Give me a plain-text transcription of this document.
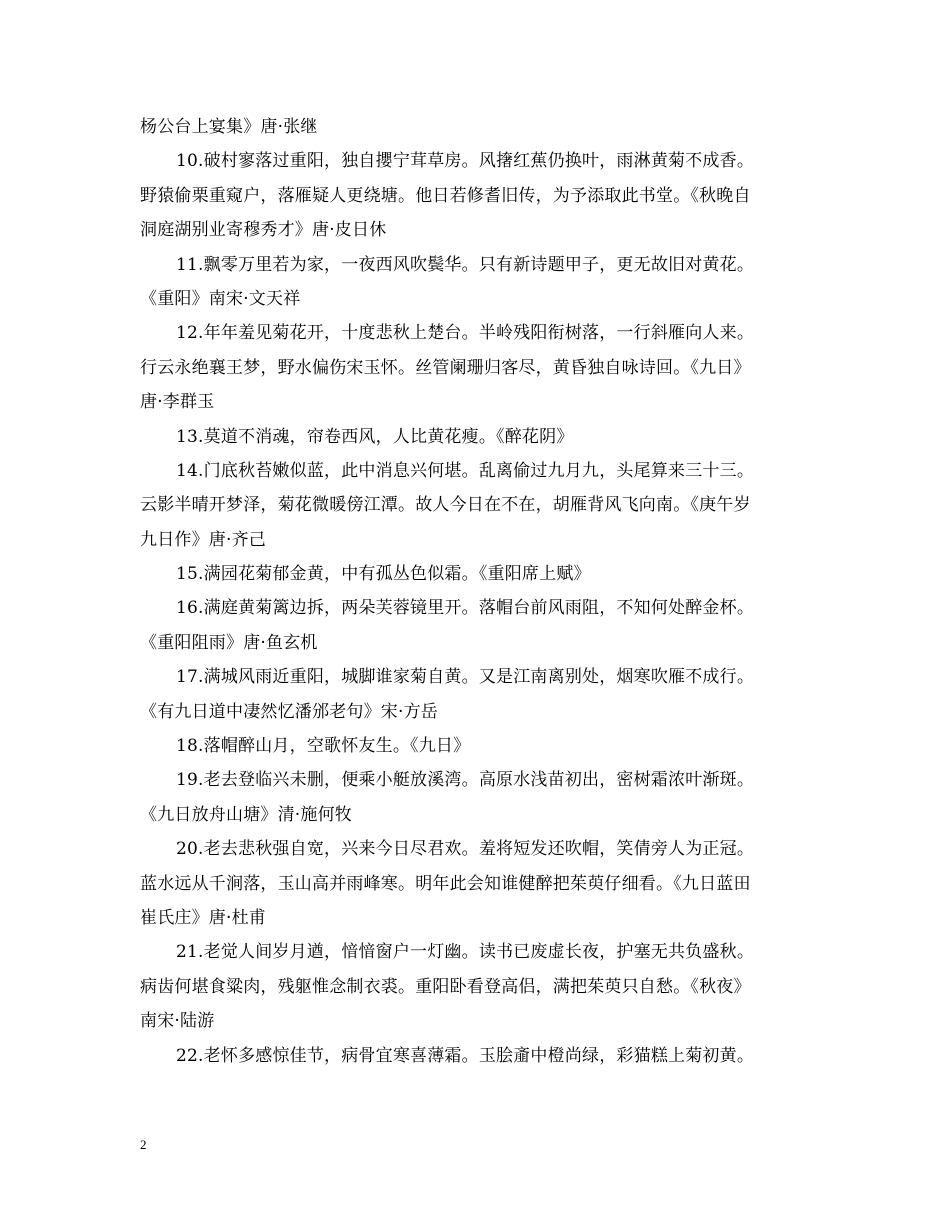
杨公台上宴集》唐·张继
10.破村寥落过重阳，独自攖宁茸草房。风撦红蕉仍换叶，雨淋黄菊不成香。
野猿偷栗重窥户，落雁疑人更绕塘。他日若修耆旧传，为予添取此书堂。《秋晚自
洞庭湖别业寄穆秀才》唐·皮日休
11.飘零万里若为家，一夜西风吹鬓华。只有新诗题甲子，更无故旧对黄花。
《重阳》南宋·文天祥
12.年年羞见菊花开，十度悲秋上楚台。半岭残阳衔树落，一行斜雁向人来。
行云永绝襄王梦，野水偏伤宋玉怀。丝管阑珊归客尽，黄昏独自咏诗回。《九日》
唐·李群玉
13.莫道不消魂，帘卷西风，人比黄花瘦。《醉花阴》
14.门底秋苔嫩似蓝，此中消息兴何堪。乱离偷过九月九，头尾算来三十三。
云影半晴开梦泽，菊花微暖傍江潭。故人今日在不在，胡雁背风飞向南。《庚午岁
九日作》唐·齐己
15.满园花菊郁金黄，中有孤丛色似霜。《重阳席上赋》
16.满庭黄菊篱边拆，两朵芙蓉镜里开。落帽台前风雨阻，不知何处醉金杯。
《重阳阻雨》唐·鱼玄机
17.满城风雨近重阳，城脚谁家菊自黄。又是江南离别处，烟寒吹雁不成行。
《有九日道中凄然忆潘邠老句》宋·方岳
18.落帽醉山月，空歌怀友生。《九日》
19.老去登临兴未删，便乘小艇放溪湾。高原水浅苗初出，密树霜浓叶渐斑。
《九日放舟山塘》清·施何牧
20.老去悲秋强自宽，兴来今日尽君欢。羞将短发还吹帽，笑倩旁人为正冠。
蓝水远从千涧落，玉山高并雨峰寒。明年此会知谁健醉把茱萸仔细看。《九日蓝田
崔氏庄》唐·杜甫
21.老觉人间岁月遒，愔愔窗户一灯幽。读书已废虚长夜，护塞无共负盛秋。
病齿何堪食粱肉，残躯惟念制衣裘。重阳卧看登高侣，满把茱萸只自愁。《秋夜》
南宋·陆游
22.老怀多感惊佳节，病骨宜寒喜薄霜。玉脍齑中橙尚绿，彩猫糕上菊初黄。
2
